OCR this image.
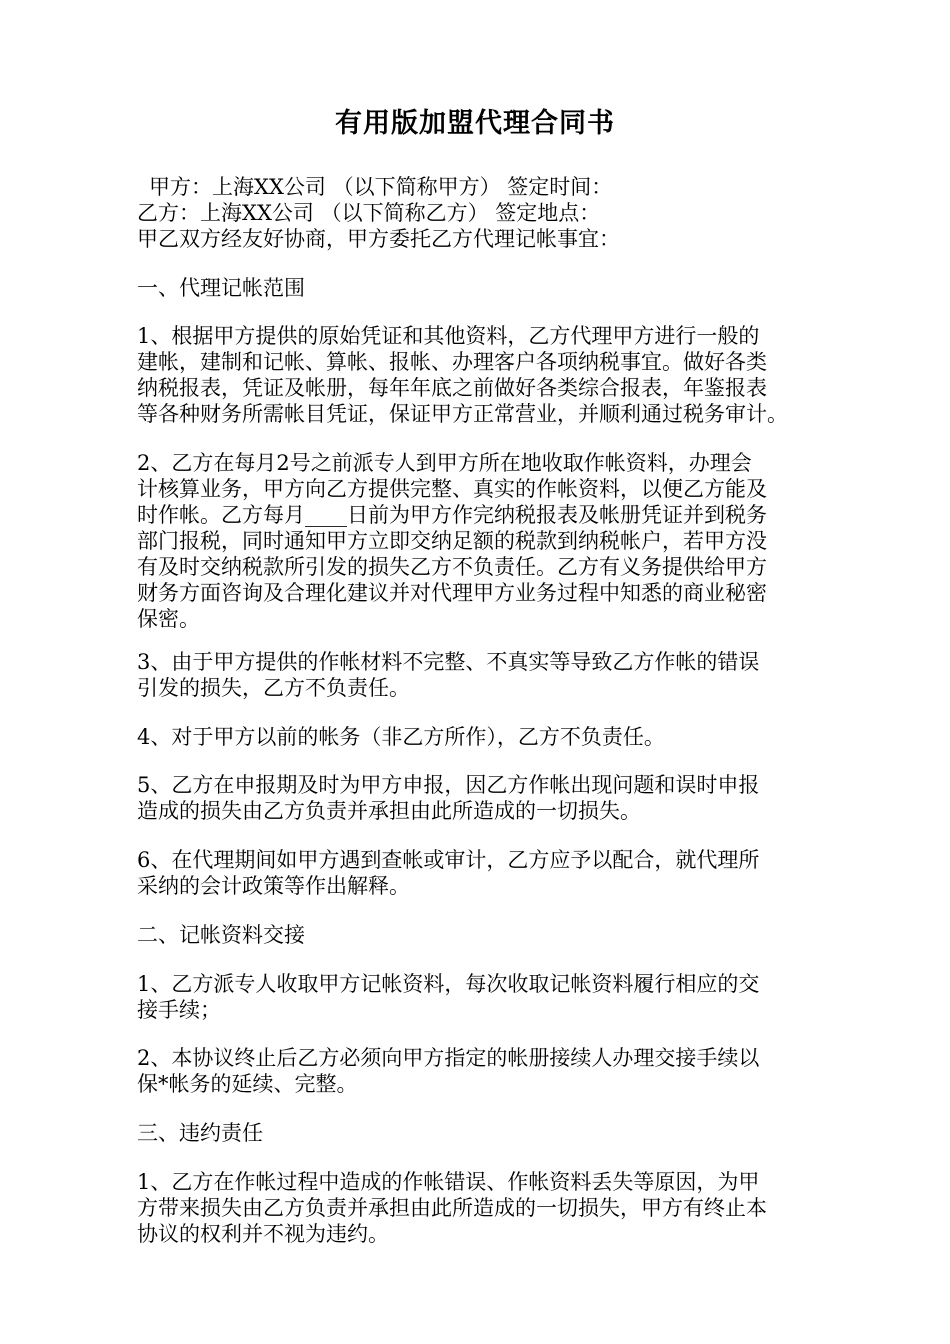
有用版加盟代理合同书
甲方：上海XX公司 （以下简称甲方） 签定时间：
乙方：上海XX公司 （以下简称乙方） 签定地点：
甲乙双方经友好协商，甲方委托乙方代理记帐事宜：
一、代理记帐范围
1、根据甲方提供的原始凭证和其他资料，乙方代理甲方进行一般的
建帐，建制和记帐、算帐、报帐、办理客户各项纳税事宜。做好各类
纳税报表，凭证及帐册，每年年底之前做好各类综合报表，年鉴报表
等各种财务所需帐目凭证，保证甲方正常营业，并顺利通过税务审计。
2、乙方在每月2号之前派专人到甲方所在地收取作帐资料，办理会
计核算业务，甲方向乙方提供完整、真实的作帐资料，以便乙方能及
时作帐。乙方每月____日前为甲方作完纳税报表及帐册凭证并到税务
部门报税，同时通知甲方立即交纳足额的税款到纳税帐户，若甲方没
有及时交纳税款所引发的损失乙方不负责任。乙方有义务提供给甲方
财务方面咨询及合理化建议并对代理甲方业务过程中知悉的商业秘密
保密。
3、由于甲方提供的作帐材料不完整、不真实等导致乙方作帐的错误
引发的损失，乙方不负责任。
4、对于甲方以前的帐务（非乙方所作），乙方不负责任。
5、乙方在申报期及时为甲方申报，因乙方作帐出现问题和误时申报
造成的损失由乙方负责并承担由此所造成的一切损失。
6、在代理期间如甲方遇到查帐或审计，乙方应予以配合，就代理所
采纳的会计政策等作出解释。
二、记帐资料交接
1、乙方派专人收取甲方记帐资料，每次收取记帐资料履行相应的交
接手续；
2、本协议终止后乙方必须向甲方指定的帐册接续人办理交接手续以
保*帐务的延续、完整。
三、违约责任
1、乙方在作帐过程中造成的作帐错误、作帐资料丢失等原因，为甲
方带来损失由乙方负责并承担由此所造成的一切损失，甲方有终止本
协议的权利并不视为违约。
